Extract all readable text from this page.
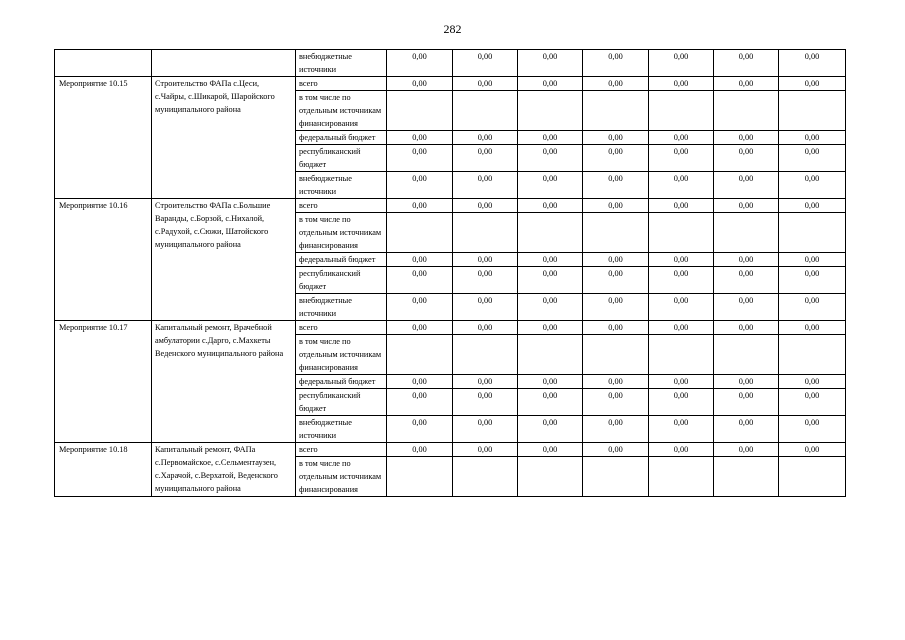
282
		внебюджетные источники	0,00	0,00	0,00	0,00	0,00	0,00	0,00
Мероприятие 10.15	Строительство ФАПа с.Цеси, с.Чайры, с.Шикарой, Шаройского муниципального района	всего	0,00	0,00	0,00	0,00	0,00	0,00	0,00
		в том числе по отдельным источникам финансирования							
		федеральный бюджет	0,00	0,00	0,00	0,00	0,00	0,00	0,00
		республиканский бюджет	0,00	0,00	0,00	0,00	0,00	0,00	0,00
		внебюджетные источники	0,00	0,00	0,00	0,00	0,00	0,00	0,00
Мероприятие 10.16	Строительство ФАПа с.Большие Варанды, с.Борзой, с.Нихалой, с.Радухой, с.Сюжи, Шатойского муниципального района	всего	0,00	0,00	0,00	0,00	0,00	0,00	0,00
		в том числе по отдельным источникам финансирования							
		федеральный бюджет	0,00	0,00	0,00	0,00	0,00	0,00	0,00
		республиканский бюджет	0,00	0,00	0,00	0,00	0,00	0,00	0,00
		внебюджетные источники	0,00	0,00	0,00	0,00	0,00	0,00	0,00
Мероприятие 10.17	Капитальный ремонт, Врачебной амбулатории с.Дарго, с.Махкеты Веденского муниципального района	всего	0,00	0,00	0,00	0,00	0,00	0,00	0,00
		в том числе по отдельным источникам финансирования							
		федеральный бюджет	0,00	0,00	0,00	0,00	0,00	0,00	0,00
		республиканский бюджет	0,00	0,00	0,00	0,00	0,00	0,00	0,00
		внебюджетные источники	0,00	0,00	0,00	0,00	0,00	0,00	0,00
Мероприятие 10.18	Капитальный ремонт, ФАПа с.Первомайское, с.Сельментаузен, с.Харачой, с.Верхатой, Веденского муниципального района	всего	0,00	0,00	0,00	0,00	0,00	0,00	0,00
		в том числе по отдельным источникам финансирования							
